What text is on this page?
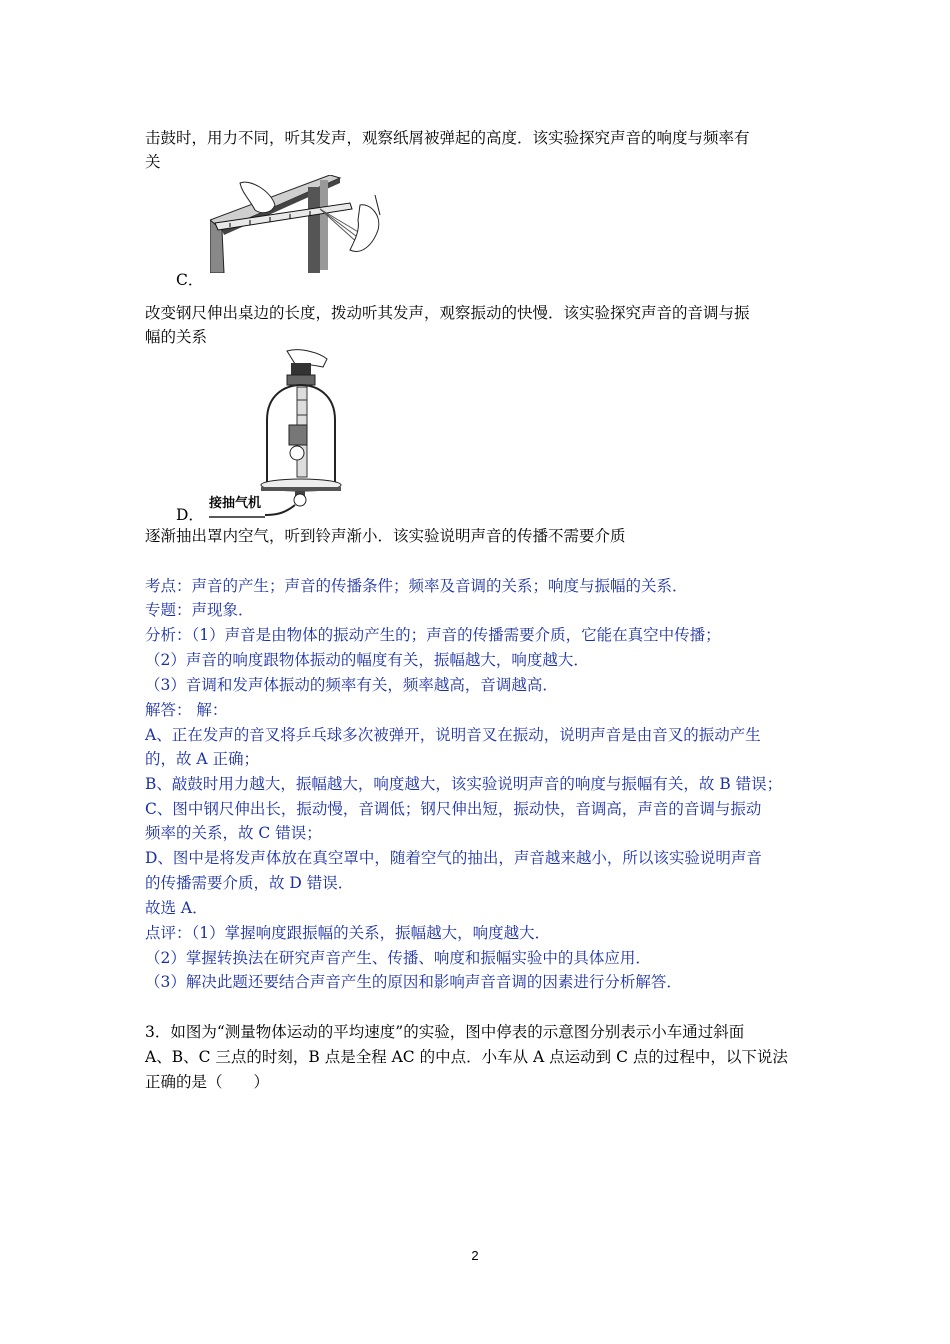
击鼓时，用力不同，听其发声，观察纸屑被弹起的高度．该实验探究声音的响度与频率有
关
C．
改变钢尺伸出桌边的长度，拨动听其发声，观察振动的快慢．该实验探究声音的音调与振
幅的关系
接抽气机
D．
逐渐抽出罩内空气，听到铃声渐小．该实验说明声音的传播不需要介质
考点：声音的产生；声音的传播条件；频率及音调的关系；响度与振幅的关系．
专题：声现象．
分析：（1）声音是由物体的振动产生的；声音的传播需要介质，它能在真空中传播；
（2）声音的响度跟物体振动的幅度有关，振幅越大，响度越大．
（3）音调和发声体振动的频率有关，频率越高，音调越高．
解答： 解：
A、正在发声的音叉将乒乓球多次被弹开，说明音叉在振动，说明声音是由音叉的振动产生
的，故 A 正确；
B、敲鼓时用力越大，振幅越大，响度越大，该实验说明声音的响度与振幅有关，故 B 错误；
C、图中钢尺伸出长，振动慢，音调低；钢尺伸出短，振动快，音调高，声音的音调与振动
频率的关系，故 C 错误；
D、图中是将发声体放在真空罩中，随着空气的抽出，声音越来越小，所以该实验说明声音
的传播需要介质，故 D 错误．
故选 A．
点评：（1）掌握响度跟振幅的关系，振幅越大，响度越大．
（2）掌握转换法在研究声音产生、传播、响度和振幅实验中的具体应用．
（3）解决此题还要结合声音产生的原因和影响声音音调的因素进行分析解答．
3．如图为“测量物体运动的平均速度”的实验，图中停表的示意图分别表示小车通过斜面
A、B、C 三点的时刻，B 点是全程 AC 的中点．小车从 A 点运动到 C 点的过程中，以下说法
正确的是（　　）
2
